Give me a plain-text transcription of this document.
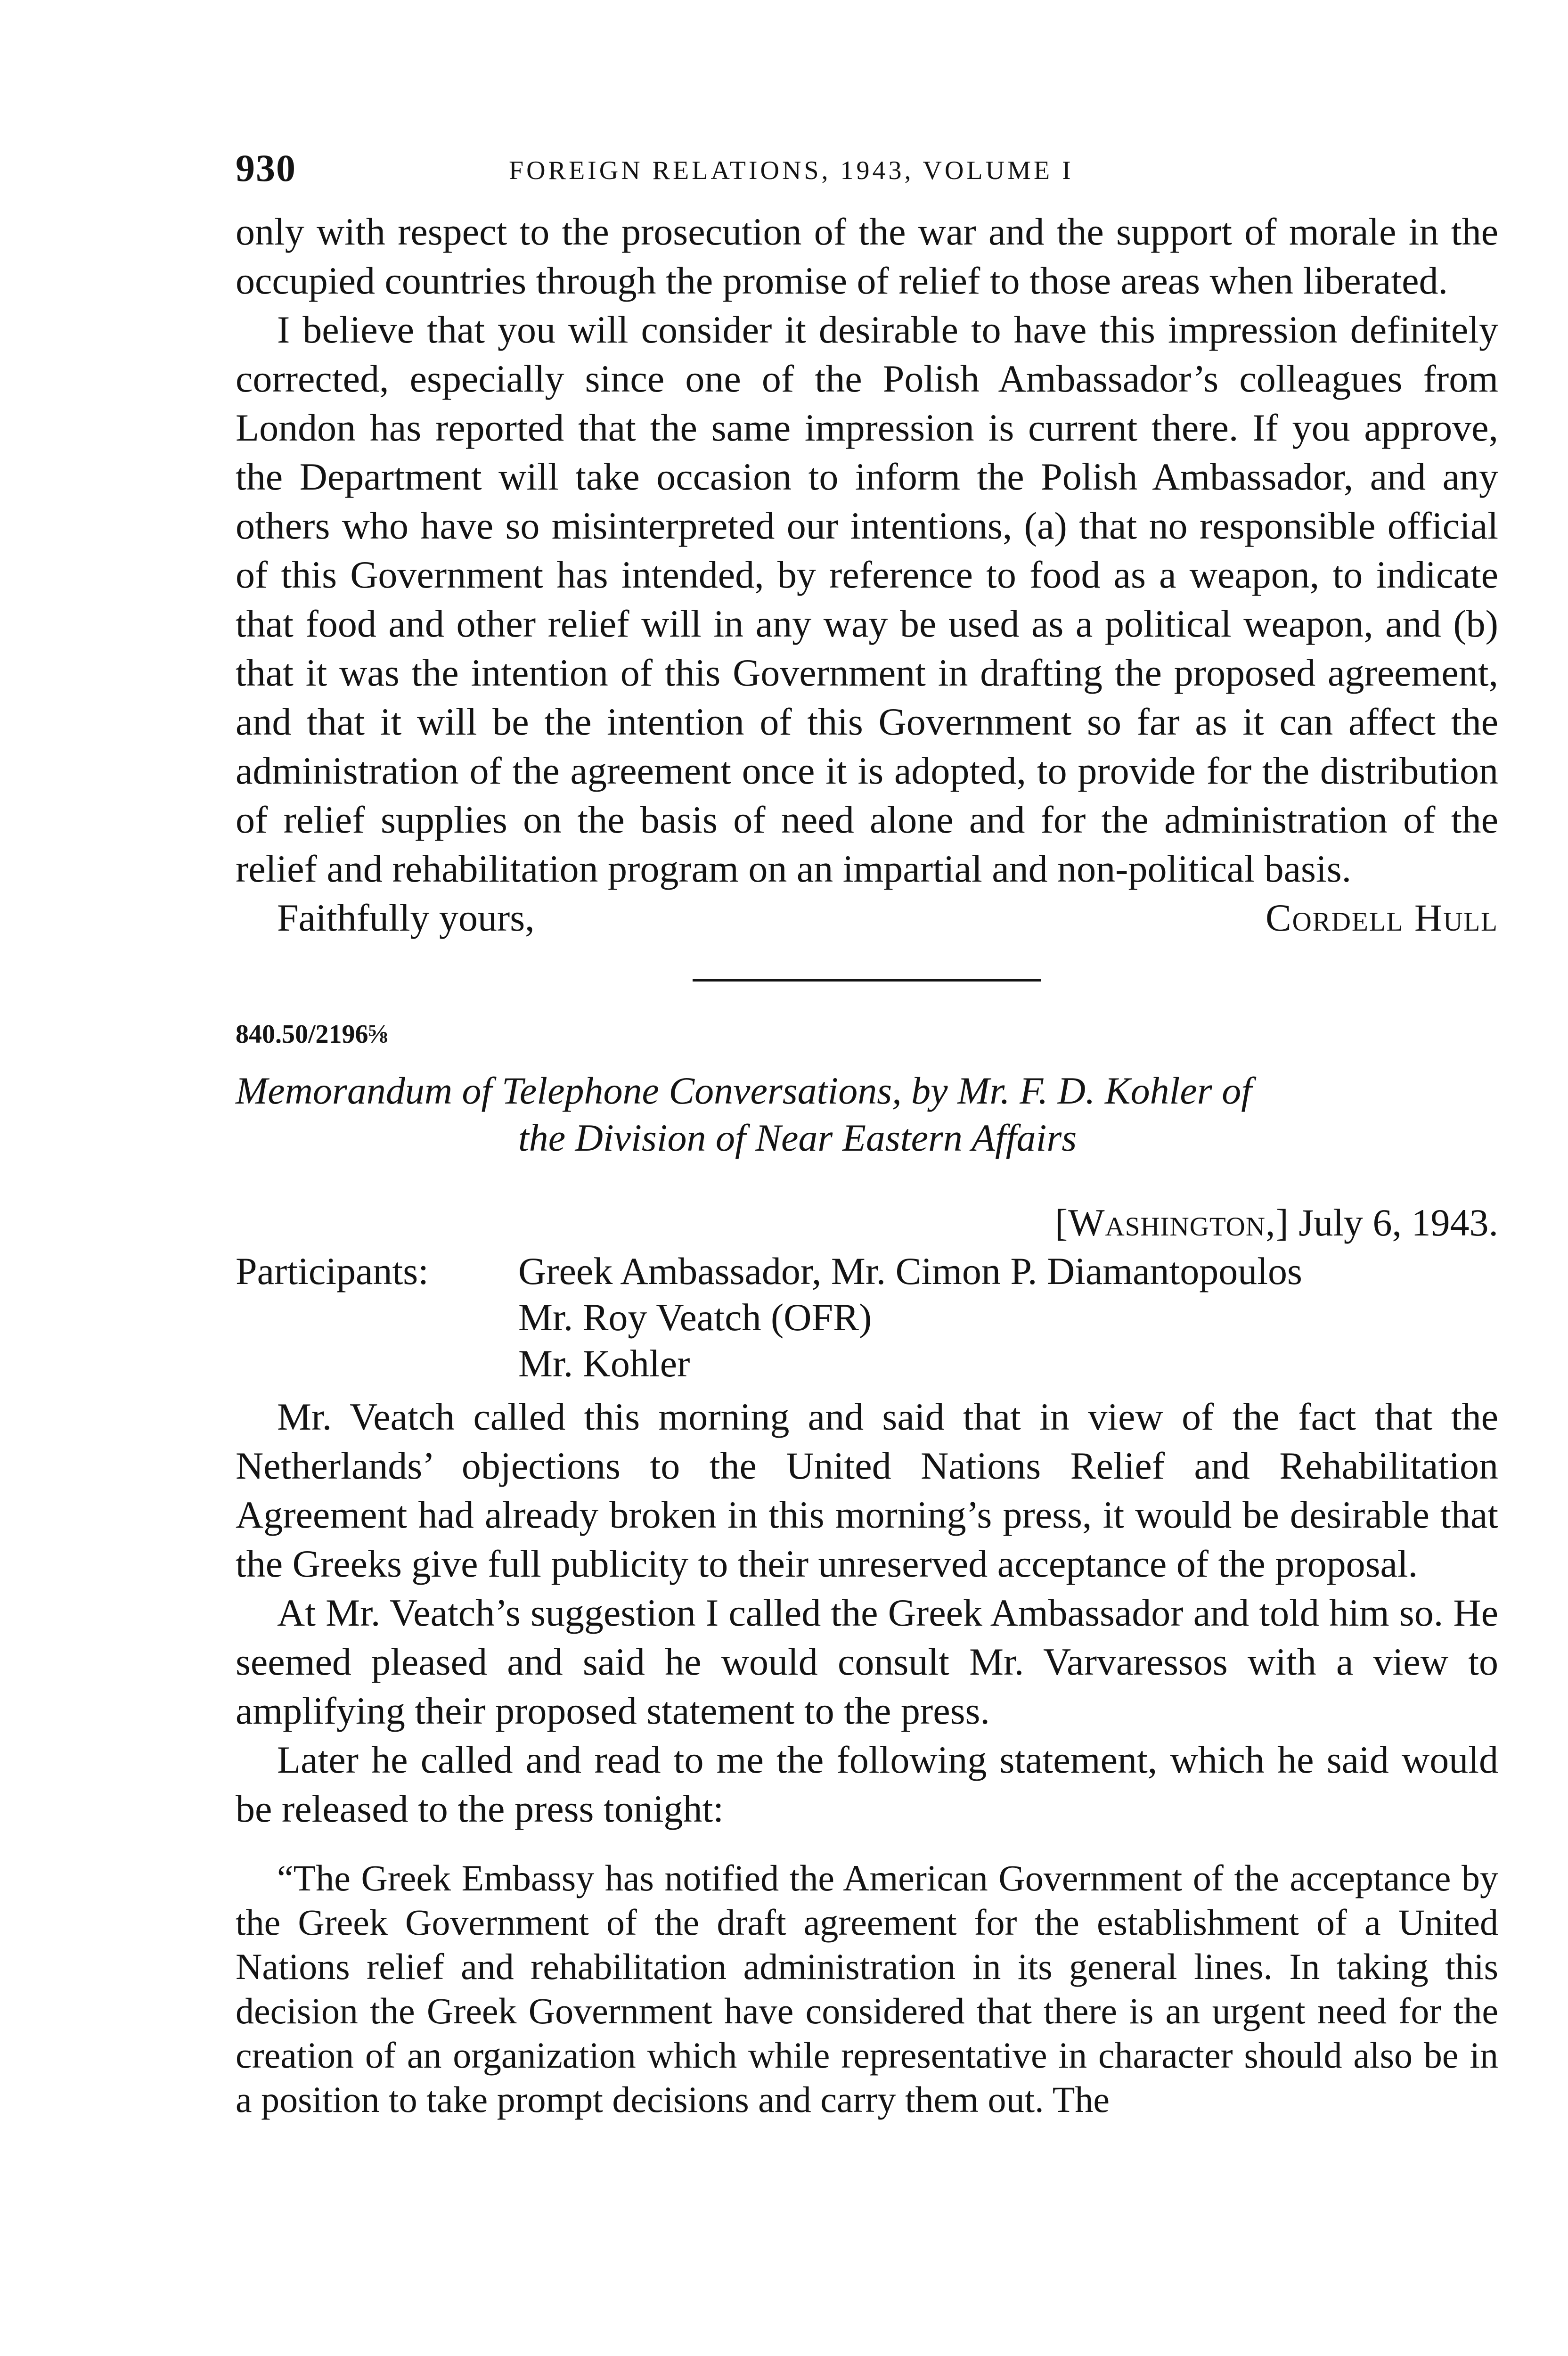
930	FOREIGN RELATIONS, 1943, VOLUME I

only with respect to the prosecution of the war and the support of morale in the occupied countries through the promise of relief to those areas when liberated.

I believe that you will consider it desirable to have this impression definitely corrected, especially since one of the Polish Ambassador’s colleagues from London has reported that the same impression is current there. If you approve, the Department will take occasion to inform the Polish Ambassador, and any others who have so misinterpreted our intentions, (a) that no responsible official of this Government has intended, by reference to food as a weapon, to indicate that food and other relief will in any way be used as a political weapon, and (b) that it was the intention of this Government in drafting the proposed agreement, and that it will be the intention of this Government so far as it can affect the administration of the agreement once it is adopted, to provide for the distribution of relief supplies on the basis of need alone and for the administration of the relief and rehabilitation program on an impartial and non-political basis.

Faithfully yours,	Cordell Hull
840.50/2196⅝
Memorandum of Telephone Conversations, by Mr. F. D. Kohler of
the Division of Near Eastern Affairs
[Washington,] July 6, 1943.
Participants:	Greek Ambassador, Mr. Cimon P. Diamantopoulos
Mr. Roy Veatch (OFR)
Mr. Kohler

Mr. Veatch called this morning and said that in view of the fact that the Netherlands’ objections to the United Nations Relief and Rehabilitation Agreement had already broken in this morning’s press, it would be desirable that the Greeks give full publicity to their unreserved acceptance of the proposal.

At Mr. Veatch’s suggestion I called the Greek Ambassador and told him so. He seemed pleased and said he would consult Mr. Varvaressos with a view to amplifying their proposed statement to the press.

Later he called and read to me the following statement, which he said would be released to the press tonight:

“The Greek Embassy has notified the American Government of the acceptance by the Greek Government of the draft agreement for the establishment of a United Nations relief and rehabilitation administration in its general lines. In taking this decision the Greek Government have considered that there is an urgent need for the creation of an organization which while representative in character should also be in a position to take prompt decisions and carry them out. The
